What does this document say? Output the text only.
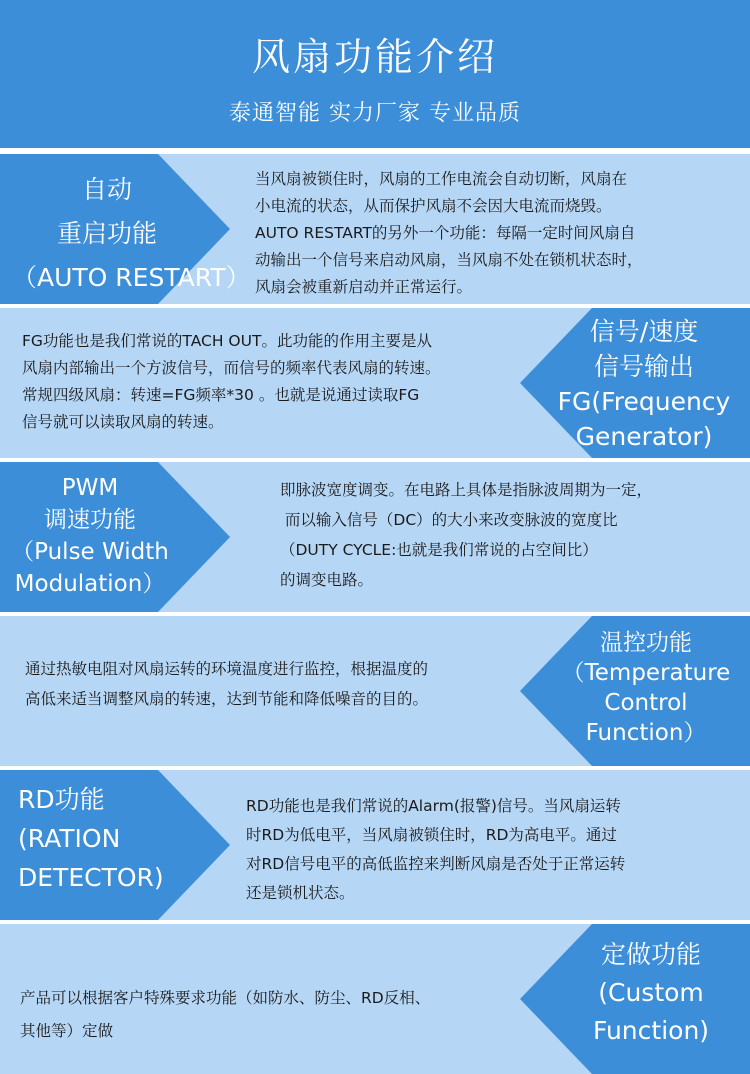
风扇功能介绍
泰通智能 实力厂家 专业品质
自动
重启功能
（AUTO RESTART）
当风扇被锁住时，风扇的工作电流会自动切断，风扇在
小电流的状态，从而保护风扇不会因大电流而烧毁。
AUTO RESTART的另外一个功能：每隔一定时间风扇自
动输出一个信号来启动风扇，当风扇不处在锁机状态时，
风扇会被重新启动并正常运行。
信号/速度
信号输出
FG(Frequency
Generator)
FG功能也是我们常说的TACH OUT。此功能的作用主要是从
风扇内部输出一个方波信号，而信号的频率代表风扇的转速。
常规四级风扇：转速=FG频率*30 。也就是说通过读取FG
信号就可以读取风扇的转速。
PWM
调速功能
（Pulse Width
Modulation）
即脉波宽度调变。在电路上具体是指脉波周期为一定，
而以输入信号（DC）的大小来改变脉波的宽度比
（DUTY CYCLE:也就是我们常说的占空间比）
的调变电路。
温控功能
（Temperature
Control
Function）
通过热敏电阻对风扇运转的环境温度进行监控，根据温度的
高低来适当调整风扇的转速，达到节能和降低噪音的目的。
RD功能
(RATION
DETECTOR)
RD功能也是我们常说的Alarm(报警)信号。当风扇运转
时RD为低电平，当风扇被锁住时，RD为高电平。通过
对RD信号电平的高低监控来判断风扇是否处于正常运转
还是锁机状态。
定做功能
(Custom
Function)
产品可以根据客户特殊要求功能（如防水、防尘、RD反相、
其他等）定做
